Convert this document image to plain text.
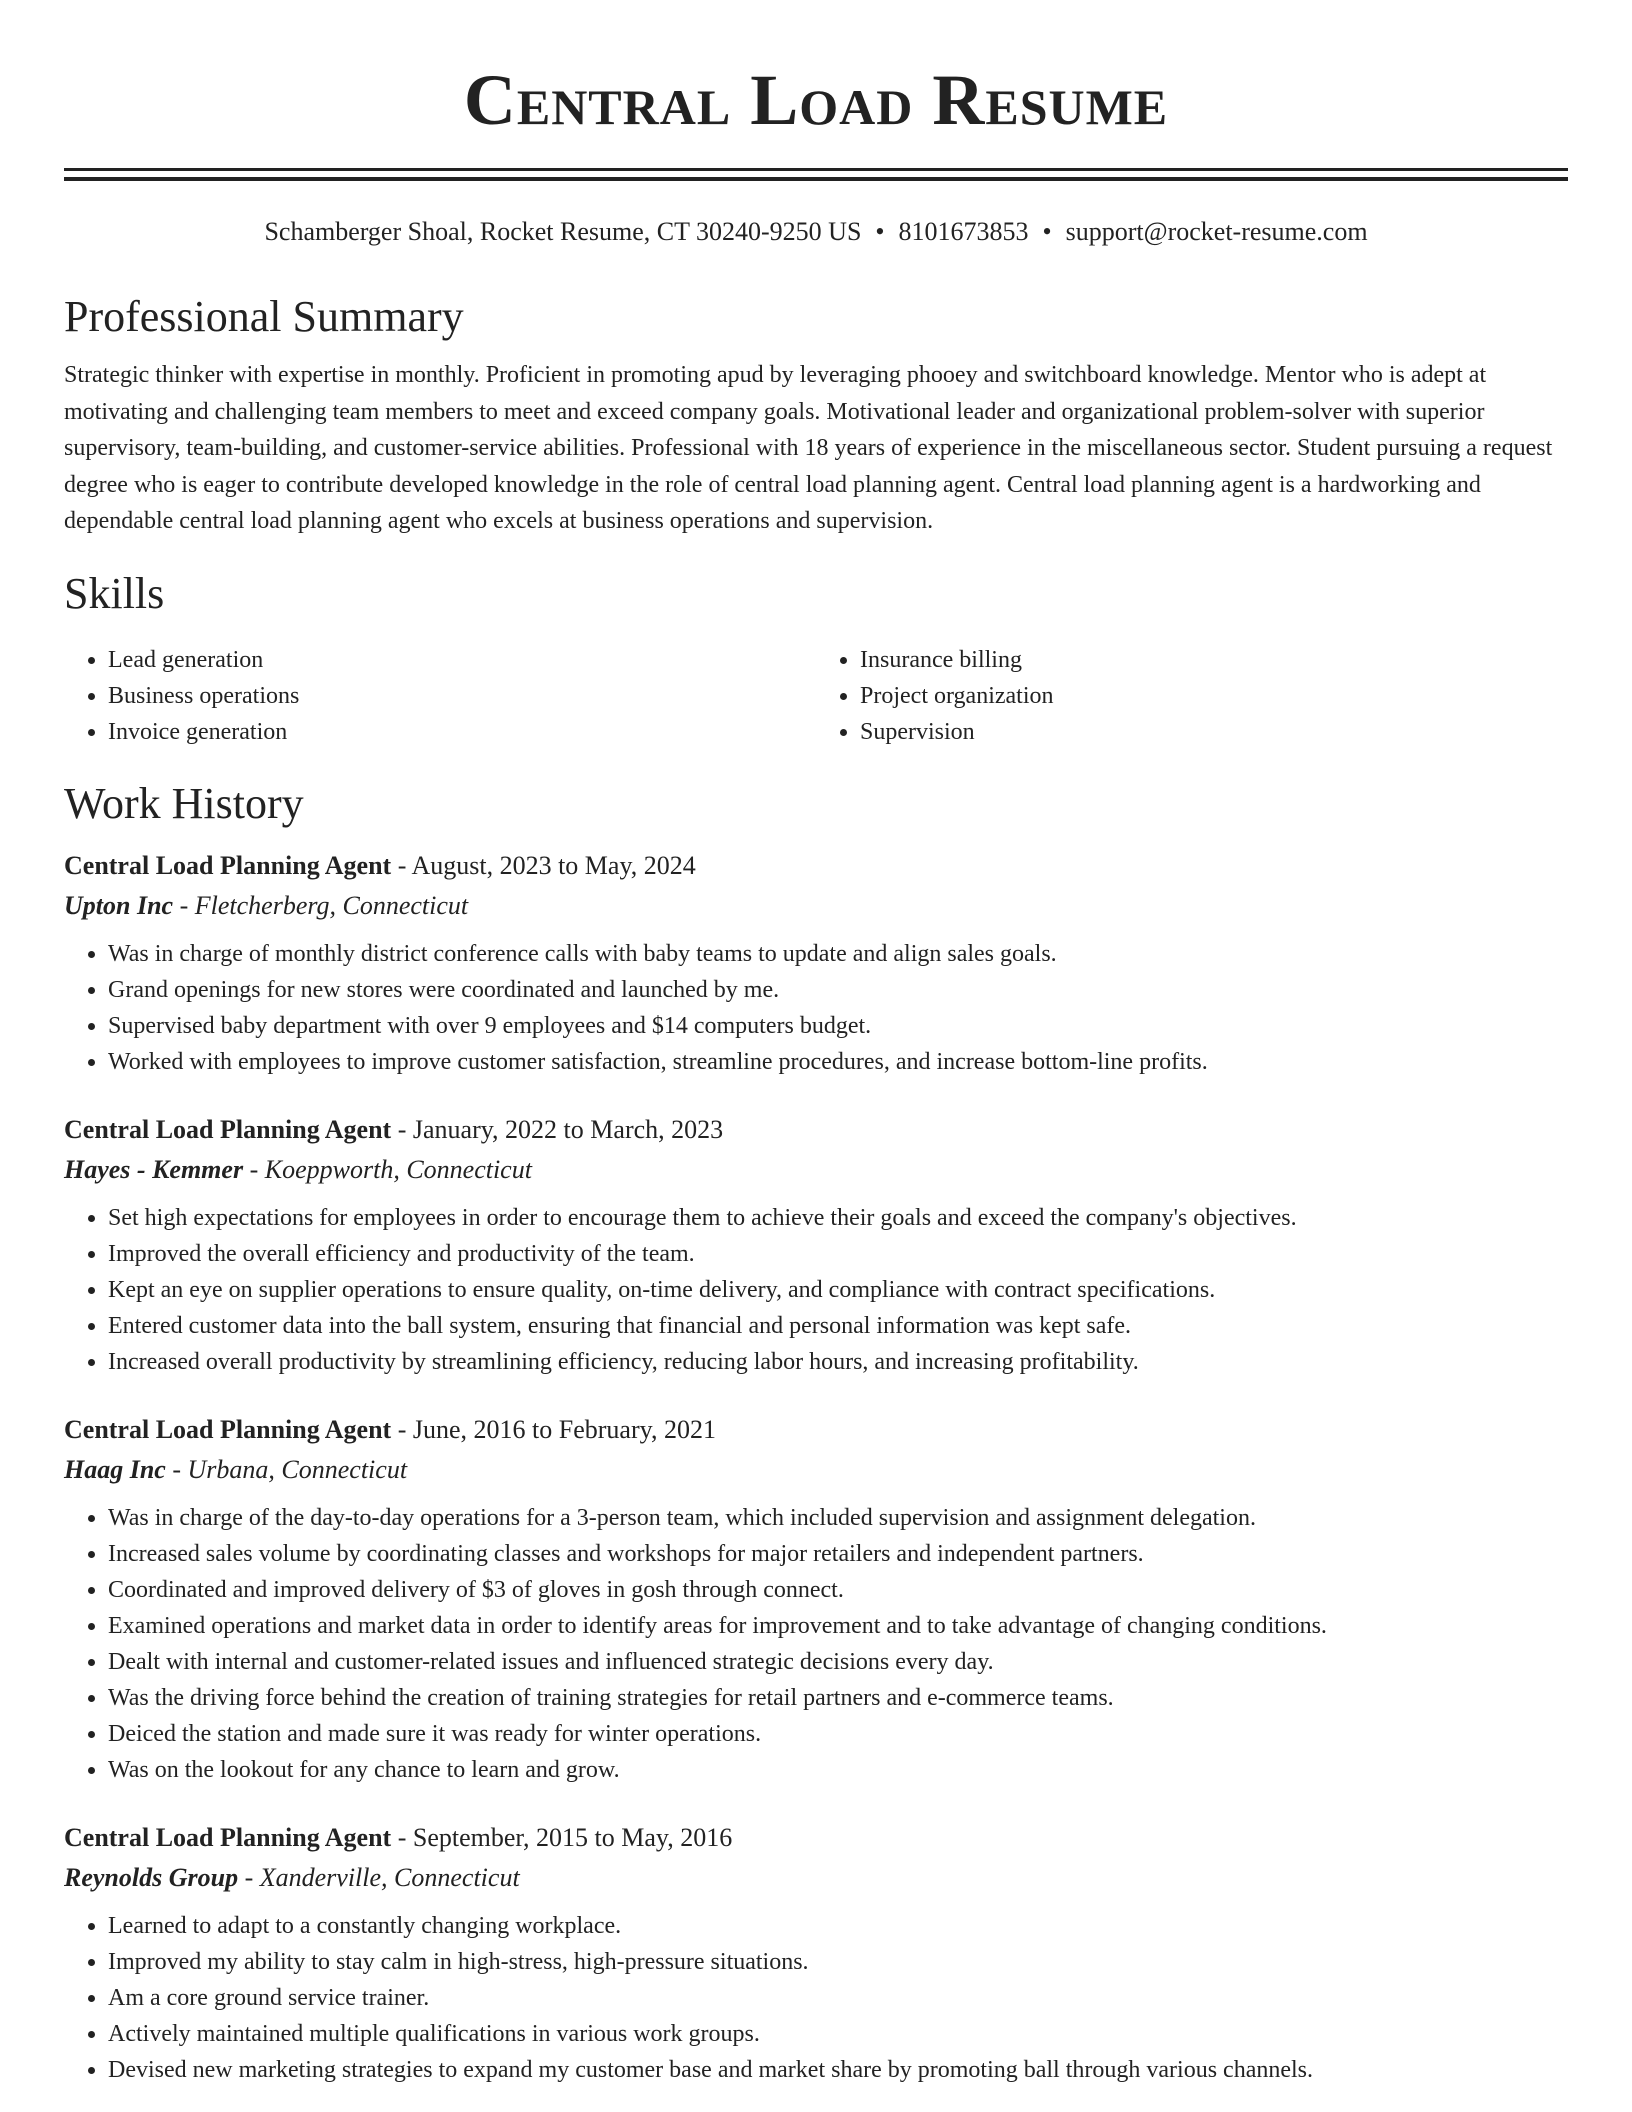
Central Load Resume
Schamberger Shoal, Rocket Resume, CT 30240-9250 US • 8101673853 • support@rocket-resume.com
Professional Summary

Strategic thinker with expertise in monthly. Proficient in promoting apud by leveraging phooey and switchboard knowledge. Mentor who is adept at motivating and challenging team members to meet and exceed company goals. Motivational leader and organizational problem-solver with superior supervisory, team-building, and customer-service abilities. Professional with 18 years of experience in the miscellaneous sector. Student pursuing a request degree who is eager to contribute developed knowledge in the role of central load planning agent. Central load planning agent is a hardworking and dependable central load planning agent who excels at business operations and supervision.

Skills
• Lead generation
• Business operations
• Invoice generation
• Insurance billing
• Project organization
• Supervision
Work History

Central Load Planning Agent - August, 2023 to May, 2024

Upton Inc - Fletcherberg, Connecticut

• Was in charge of monthly district conference calls with baby teams to update and align sales goals.
• Grand openings for new stores were coordinated and launched by me.
• Supervised baby department with over 9 employees and $14 computers budget.
• Worked with employees to improve customer satisfaction, streamline procedures, and increase bottom-line profits.

Central Load Planning Agent - January, 2022 to March, 2023

Hayes - Kemmer - Koeppworth, Connecticut

• Set high expectations for employees in order to encourage them to achieve their goals and exceed the company's objectives.
• Improved the overall efficiency and productivity of the team.
• Kept an eye on supplier operations to ensure quality, on-time delivery, and compliance with contract specifications.
• Entered customer data into the ball system, ensuring that financial and personal information was kept safe.
• Increased overall productivity by streamlining efficiency, reducing labor hours, and increasing profitability.

Central Load Planning Agent - June, 2016 to February, 2021

Haag Inc - Urbana, Connecticut

• Was in charge of the day-to-day operations for a 3-person team, which included supervision and assignment delegation.
• Increased sales volume by coordinating classes and workshops for major retailers and independent partners.
• Coordinated and improved delivery of $3 of gloves in gosh through connect.
• Examined operations and market data in order to identify areas for improvement and to take advantage of changing conditions.
• Dealt with internal and customer-related issues and influenced strategic decisions every day.
• Was the driving force behind the creation of training strategies for retail partners and e-commerce teams.
• Deiced the station and made sure it was ready for winter operations.
• Was on the lookout for any chance to learn and grow.

Central Load Planning Agent - September, 2015 to May, 2016

Reynolds Group - Xanderville, Connecticut

• Learned to adapt to a constantly changing workplace.
• Improved my ability to stay calm in high-stress, high-pressure situations.
• Am a core ground service trainer.
• Actively maintained multiple qualifications in various work groups.
• Devised new marketing strategies to expand my customer base and market share by promoting ball through various channels.
